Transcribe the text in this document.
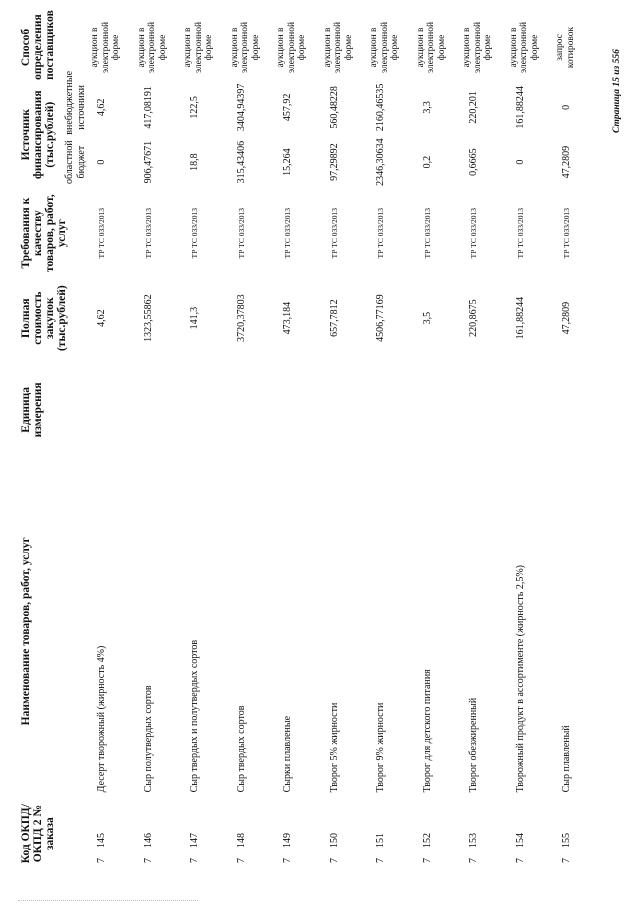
Код ОКПД/ ОКПД 2 № заказа	Наименование товаров, работ, услуг	Единица измерения	Полная стоимость закупок (тыс.рублей)	Требования к качеству товаров, работ, услуг	Источник финансирования (тыс.рублей)		Способ определения поставщиков
					областной бюджет	внебюджетные источники	
7145	Десерт творожный (жирность 4%)		4,62	ТР ТС 033/2013	0	4,62	аукцион в электронной форме
7146	Сыр полутвердых сортов		1323,55862	ТР ТС 033/2013	906,47671	417,08191	аукцион в электронной форме
7147	Сыр твердых и полутвердых сортов		141,3	ТР ТС 033/2013	18,8	122,5	аукцион в электронной форме
7148	Сыр твердых сортов		3720,37803	ТР ТС 033/2013	315,43406	3404,94397	аукцион в электронной форме
7149	Сырки плавленые		473,184	ТР ТС 033/2013	15,264	457,92	аукцион в электронной форме
7150	Творог 5% жирности		657,7812	ТР ТС 033/2013	97,29892	560,48228	аукцион в электронной форме
7151	Творог 9% жирности		4506,77169	ТР ТС 033/2013	2346,30634	2160,46535	аукцион в электронной форме
7152	Творог для детского питания		3,5	ТР ТС 033/2013	0,2	3,3	аукцион в электронной форме
7153	Творог обезжиренный		220,8675	ТР ТС 033/2013	0,6665	220,201	аукцион в электронной форме
7154	Творожный продукт в ассортименте (жирность 2,5%)		161,88244	ТР ТС 033/2013	0	161,88244	аукцион в электронной форме
7155	Сыр плавленый		47,2809	ТР ТС 033/2013	47,2809	0	запрос котировок
Страница 15 из 556
